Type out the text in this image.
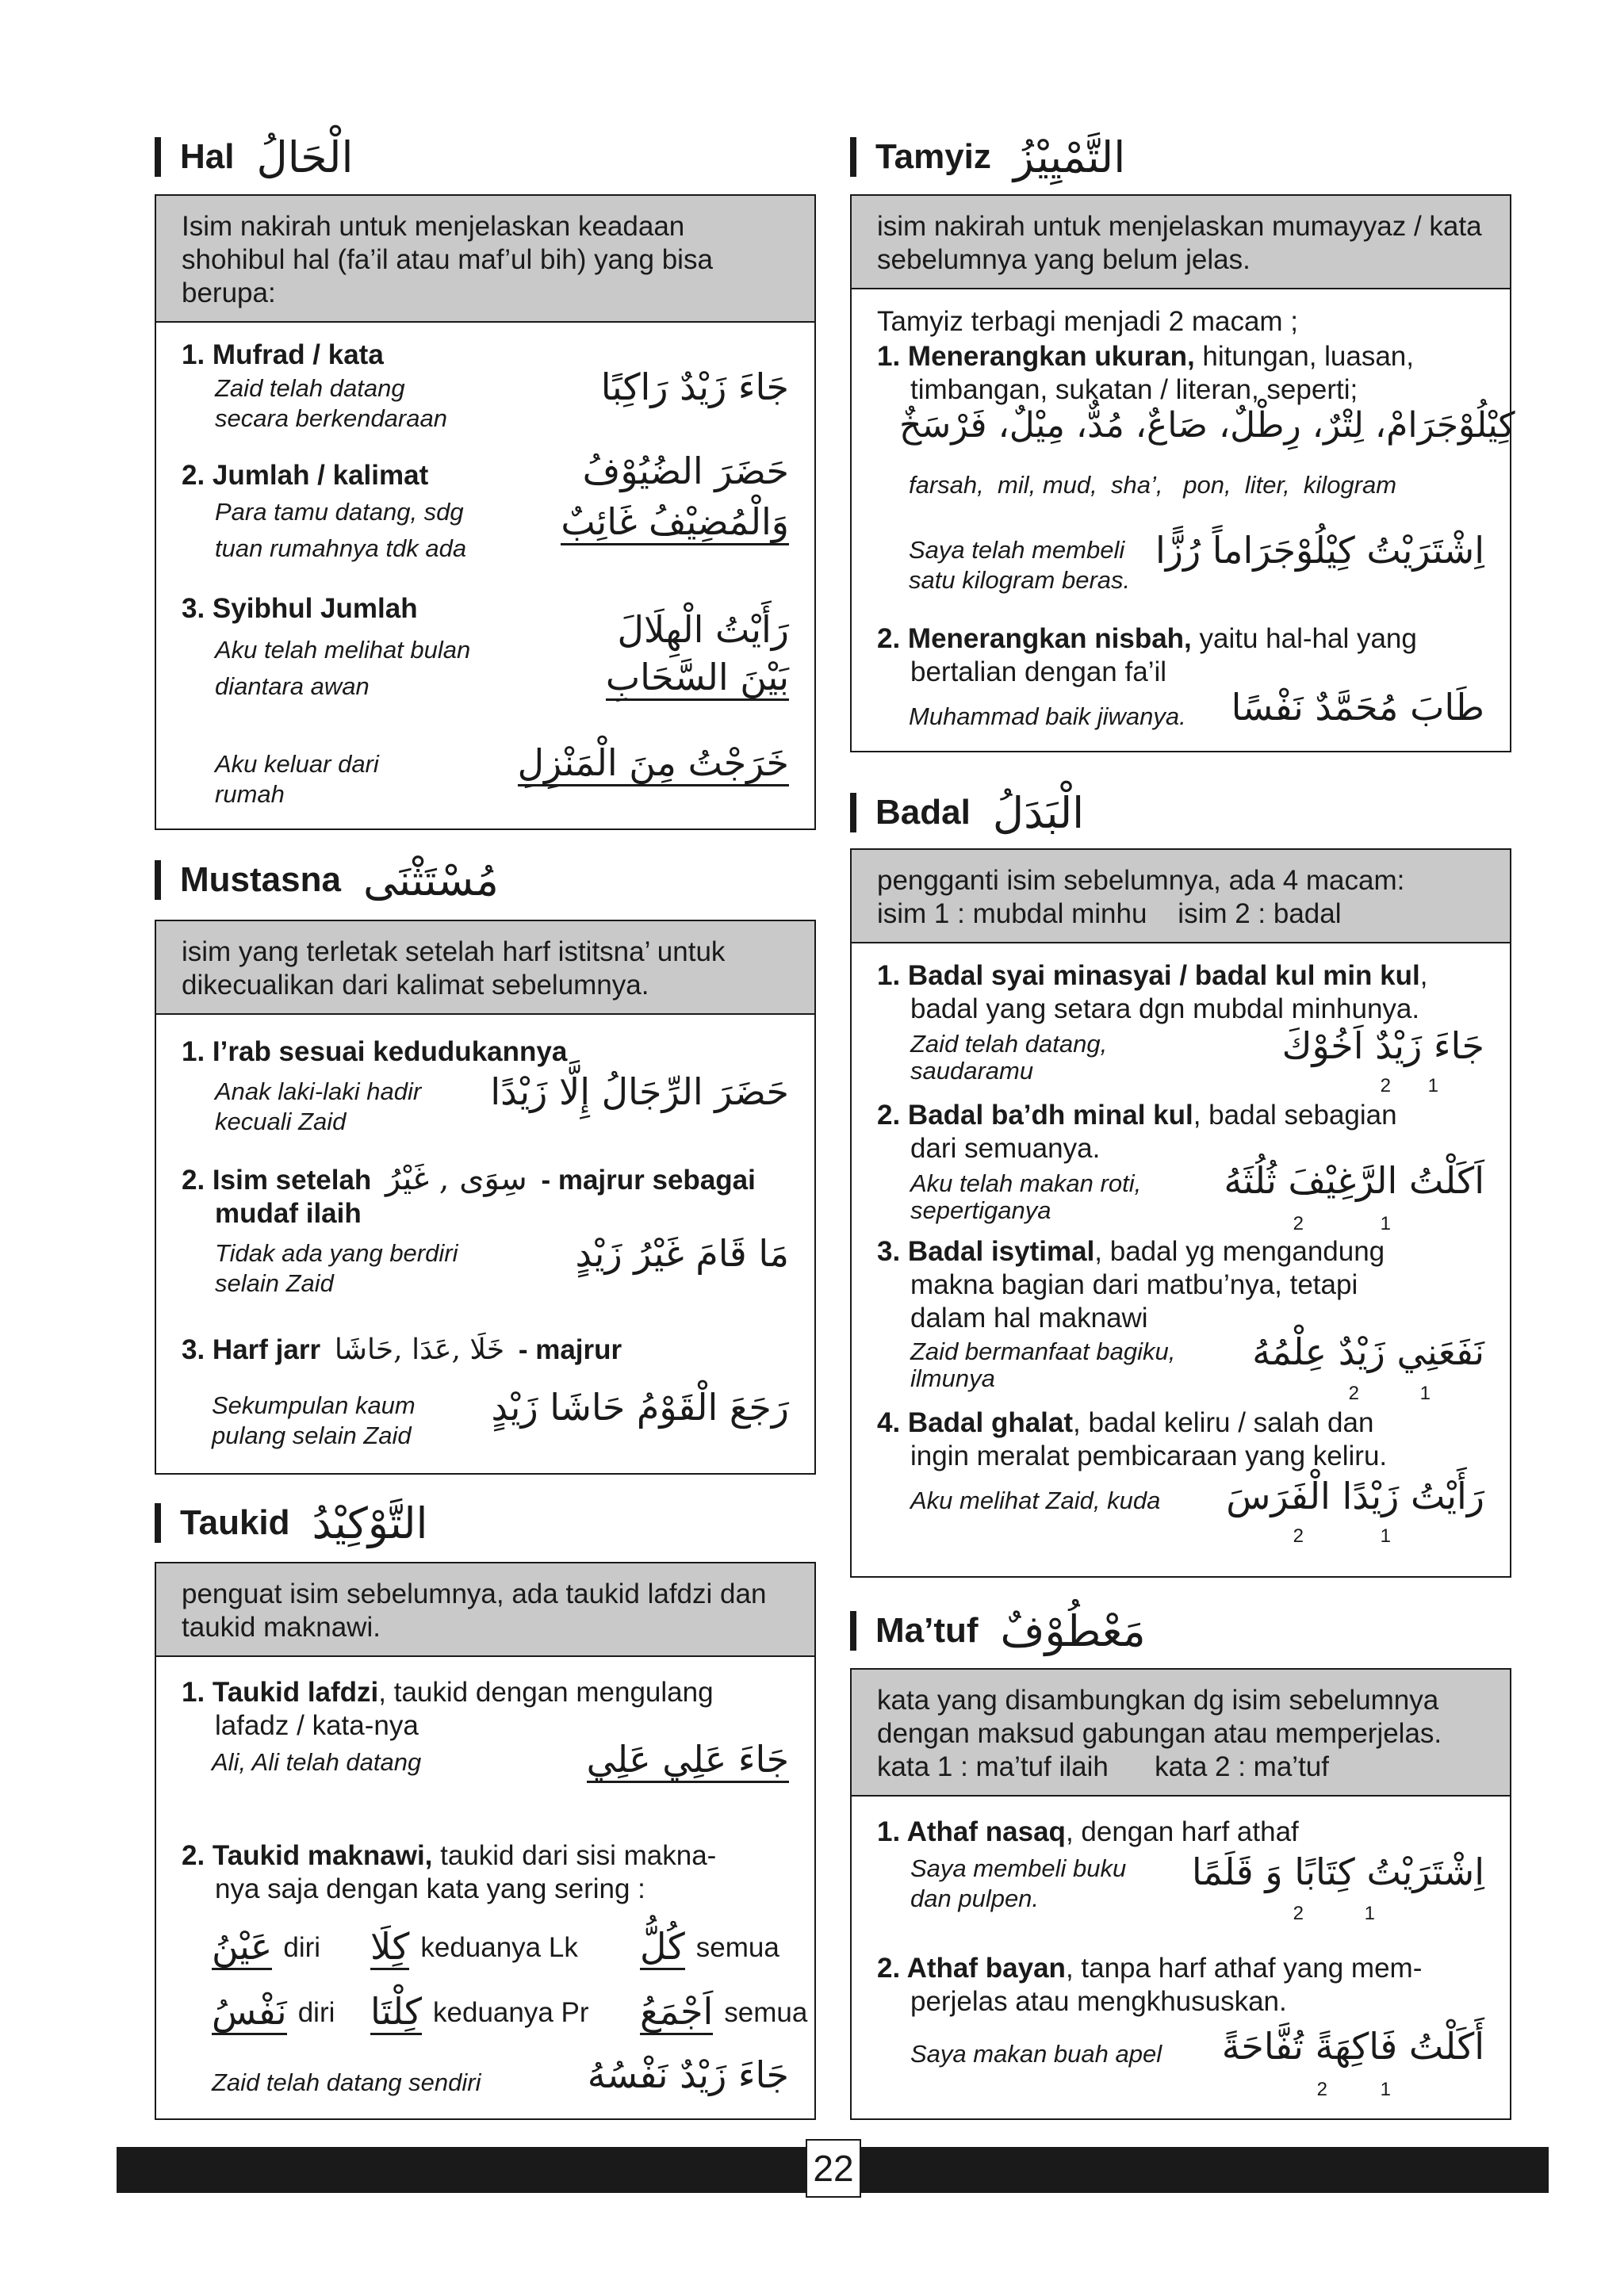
Hal الْحَالُ
Isim nakirah untuk menjelaskan keadaan shohibul hal (fa’il atau maf’ul bih) yang bisa berupa:
1. Mufrad / kata
Zaid telah datang secara berkendaraan
جَاءَ زَيْدٌ رَاكِبًا
2. Jumlah / kalimat
Para tamu datang, sdg tuan rumahnya tdk ada
حَضَرَ الضُيُوْفُ
وَالْمُضِيْفُ غَائِبٌ
3. Syibhul Jumlah
Aku telah melihat bulan diantara awan
رَأَيْتُ الْهِلَالَ
بَيْنَ السَّحَابِ
Aku keluar dari rumah
خَرَجْتُ مِنَ الْمَنْزِلِ
Mustasna مُسْتَثْنَى
isim yang terletak setelah harf istitsna’ untuk dikecualikan dari kalimat sebelumnya.
1. I’rab sesuai kedudukannya
Anak laki-laki hadir kecuali Zaid
حَضَرَ الرِّجَالُ إِلَّا زَيْدًا
2. Isim setelah سِوَى , غَيْرُ - majrur sebagai
mudaf ilaih
Tidak ada yang berdiri selain Zaid
مَا قَامَ غَيْرُ زَيْدٍ
3. Harf jarr خَلَا ,عَدَا ,حَاشَا - majrur
Sekumpulan kaum pulang selain Zaid
رَجَعَ الْقَوْمُ حَاشَا زَيْدٍ
Taukid التَّوْكِيْدُ
penguat isim sebelumnya, ada taukid lafdzi dan taukid maknawi.
1. Taukid lafdzi, taukid dengan mengulang
lafadz / kata-nya
Ali, Ali telah datang	جَاءَ عَلِي عَلِي
2. Taukid maknawi, taukid dari sisi makna-
nya saja dengan kata yang sering :
عَيْنُ diri كِلَا keduanya Lk كُلُّ semua
نَفْسُ diri كِلْتَا keduanya Pr اَجْمَعُ semua
Zaid telah datang sendiri	جَاءَ زَيْدٌ نَفْسُهُ
Tamyiz التَّمْيِيْزُ
isim nakirah untuk menjelaskan mumayyaz / kata sebelumnya yang belum jelas.
Tamyiz terbagi menjadi 2 macam ;
1. Menerangkan ukuran, hitungan, luasan,
timbangan, sukatan / literan, seperti;
كِيْلُوْجَرَامْ، لِتْرٌ، رِطْلٌ، صَاعٌ، مُدٌّ، مِيْلٌ، فَرْسَخٌ
farsah,  mil, mud,  sha’,   pon,  liter,  kilogram
Saya telah membeli satu kilogram beras.
اِشْتَرَيْتُ كِيْلُوْجَرَاماً رُزًّا
2. Menerangkan nisbah, yaitu hal-hal yang
bertalian dengan fa’il
Muhammad baik jiwanya. طَابَ مُحَمَّدٌ نَفْسًا
Badal الْبَدَلُ
pengganti isim sebelumnya, ada 4 macam:
isim 1 : mubdal minhu    isim 2 : badal
1. Badal syai minasyai / badal kul min kul,
badal yang setara dgn mubdal minhunya.
Zaid telah datang, saudaramu
جَاءَ زَيْدٌ اَخُوْكَ
2 1
2. Badal ba’dh minal kul, badal sebagian
dari semuanya.
Aku telah makan roti, sepertiganya
اَكَلْتُ الرَّغِيْفَ ثُلُثَهُ
2	1
3. Badal isytimal, badal yg mengandung
makna bagian dari matbu’nya, tetapi
dalam hal maknawi
Zaid bermanfaat bagiku, ilmunya
نَفَعَنِي زَيْدٌ عِلْمُهُ
2	1
4. Badal ghalat, badal keliru / salah dan
ingin meralat pembicaraan yang keliru.
Aku melihat Zaid, kuda رَأَيْتُ زَيْدًا الْفَرَسَ
2	1
Ma’tuf مَعْطُوْفٌ
kata yang disambungkan dg isim sebelumnya
dengan maksud gabungan atau memperjelas.
kata 1 : ma’tuf ilaih      kata 2 : ma’tuf
1. Athaf nasaq, dengan harf athaf
Saya membeli buku dan pulpen.
اِشْتَرَيْتُ كِتَابًا وَ قَلَمًا
2	1
2. Athaf bayan, tanpa harf athaf yang mem-
perjelas atau mengkhususkan.
Saya makan buah apel أَكَلْتُ فَاكِهَةً تُفَّاحَةً
2	1
22
